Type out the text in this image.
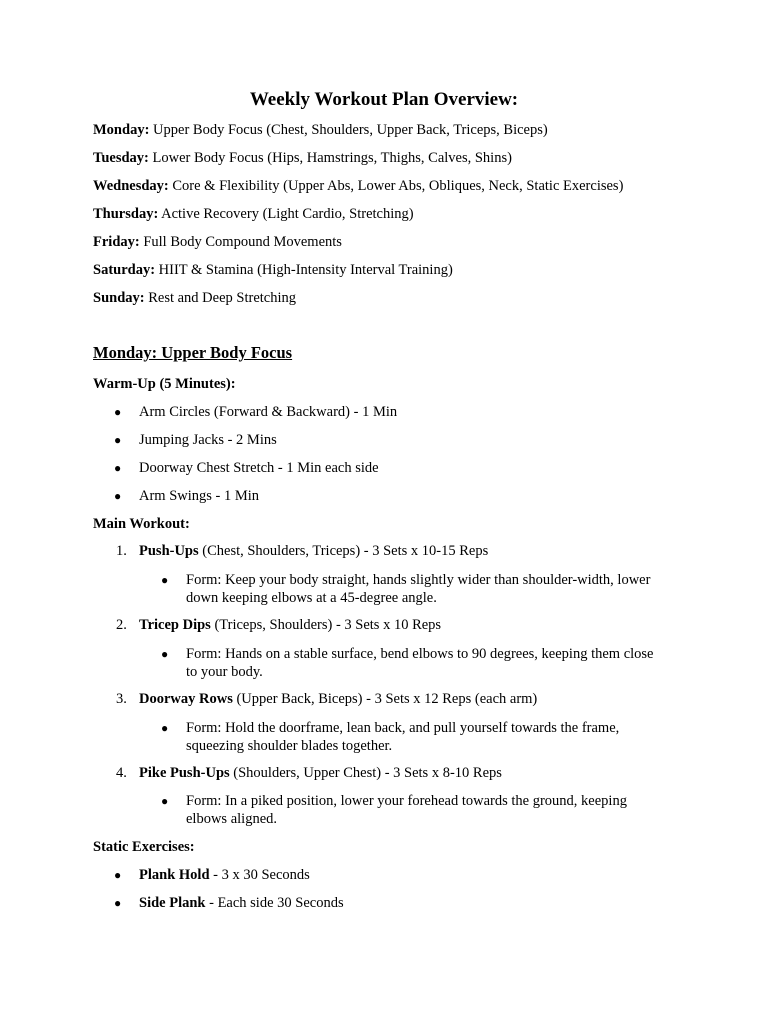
Weekly Workout Plan Overview:

Monday: Upper Body Focus (Chest, Shoulders, Upper Back, Triceps, Biceps)

Tuesday: Lower Body Focus (Hips, Hamstrings, Thighs, Calves, Shins)

Wednesday: Core & Flexibility (Upper Abs, Lower Abs, Obliques, Neck, Static Exercises)

Thursday: Active Recovery (Light Cardio, Stretching)

Friday: Full Body Compound Movements

Saturday: HIIT & Stamina (High-Intensity Interval Training)

Sunday: Rest and Deep Stretching

Monday: Upper Body Focus

Warm-Up (5 Minutes):

● Arm Circles (Forward & Backward) - 1 Min

● Jumping Jacks - 2 Mins

● Doorway Chest Stretch - 1 Min each side

● Arm Swings - 1 Min

Main Workout:

1. Push-Ups (Chest, Shoulders, Triceps) - 3 Sets x 10-15 Reps

● Form: Keep your body straight, hands slightly wider than shoulder-width, lower down keeping elbows at a 45-degree angle.

2. Tricep Dips (Triceps, Shoulders) - 3 Sets x 10 Reps

● Form: Hands on a stable surface, bend elbows to 90 degrees, keeping them close to your body.

3. Doorway Rows (Upper Back, Biceps) - 3 Sets x 12 Reps (each arm)

● Form: Hold the doorframe, lean back, and pull yourself towards the frame, squeezing shoulder blades together.

4. Pike Push-Ups (Shoulders, Upper Chest) - 3 Sets x 8-10 Reps

● Form: In a piked position, lower your forehead towards the ground, keeping elbows aligned.

Static Exercises:

● Plank Hold - 3 x 30 Seconds

● Side Plank - Each side 30 Seconds
